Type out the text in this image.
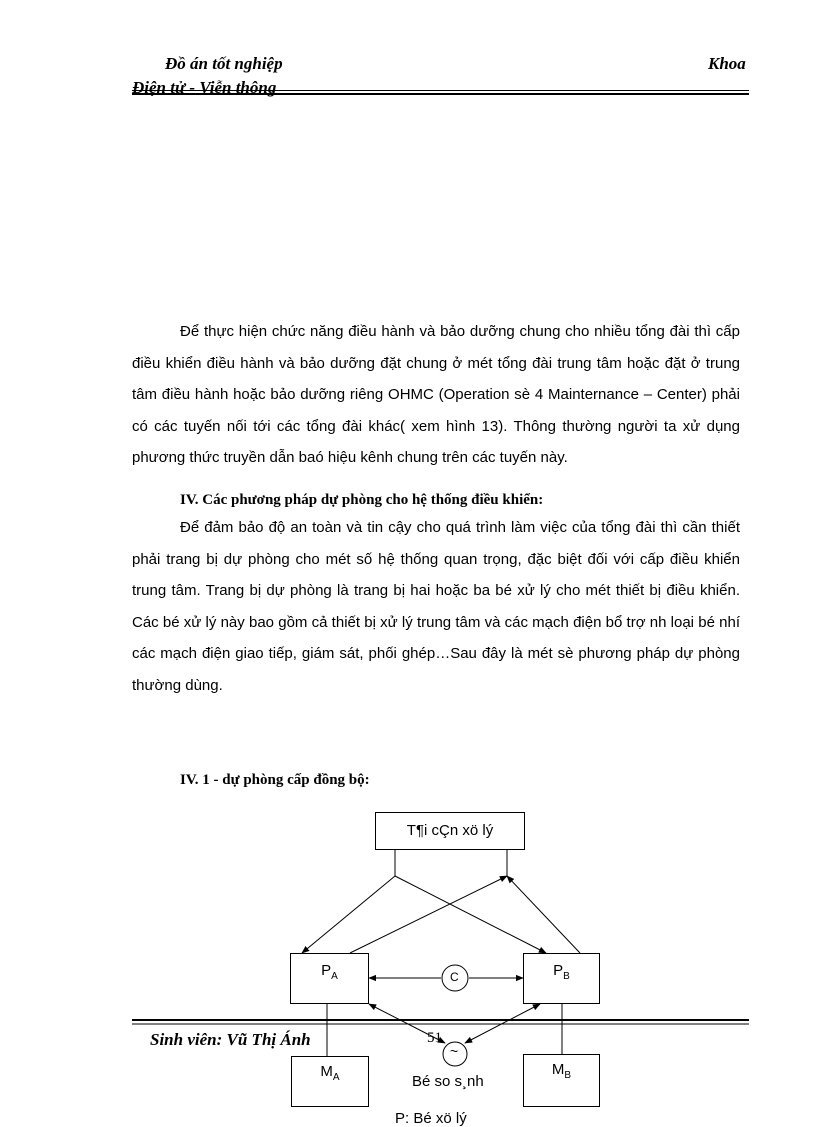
Đồ án tốt nghiệp	Khoa
Điện tử - Viễn thông

Để thực hiện chức năng điều hành và bảo dưỡng chung cho nhiều tổng đài thì cấp điều khiển điều hành và bảo dưỡng đặt chung ở mét tổng đài trung tâm hoặc đặt ở trung tâm điều hành hoặc bảo dưỡng riêng OHMC (Operation sè 4 Mainternance – Center) phải có các tuyến nối tới các tổng đài khác( xem hình 13). Thông thường người ta xử dụng phương thức truyền dẫn baó hiệu kênh chung trên các tuyến này.

IV. Các phương pháp dự phòng cho hệ thống điều khiển:

Để đảm bảo độ an toàn và tin cậy cho quá trình làm việc của tổng đài thì cần thiết phải trang bị dự phòng cho mét số hệ thống quan trọng, đặc biệt đối với cấp điều khiển trung tâm. Trang bị dự phòng là trang bị hai hoặc ba bé xử lý cho mét thiết bị điều khiển. Các bé xử lý này bao gồm cả thiết bị xử lý trung tâm và các mạch điện bổ trợ nh loại bé nhí các mạch điện giao tiếp, giám sát, phối ghép…Sau đây là mét sè phương pháp dự phòng thường dùng.

IV. 1 - dự phòng cấp đồng bộ:

T¶i cÇn xö lý
$P_A$	$P_B$
C
Sinh viên: Vũ Thị Ánh	51
~
$M_A$	$M_B$
Bé so s¸nh
P: Bé xö lý
